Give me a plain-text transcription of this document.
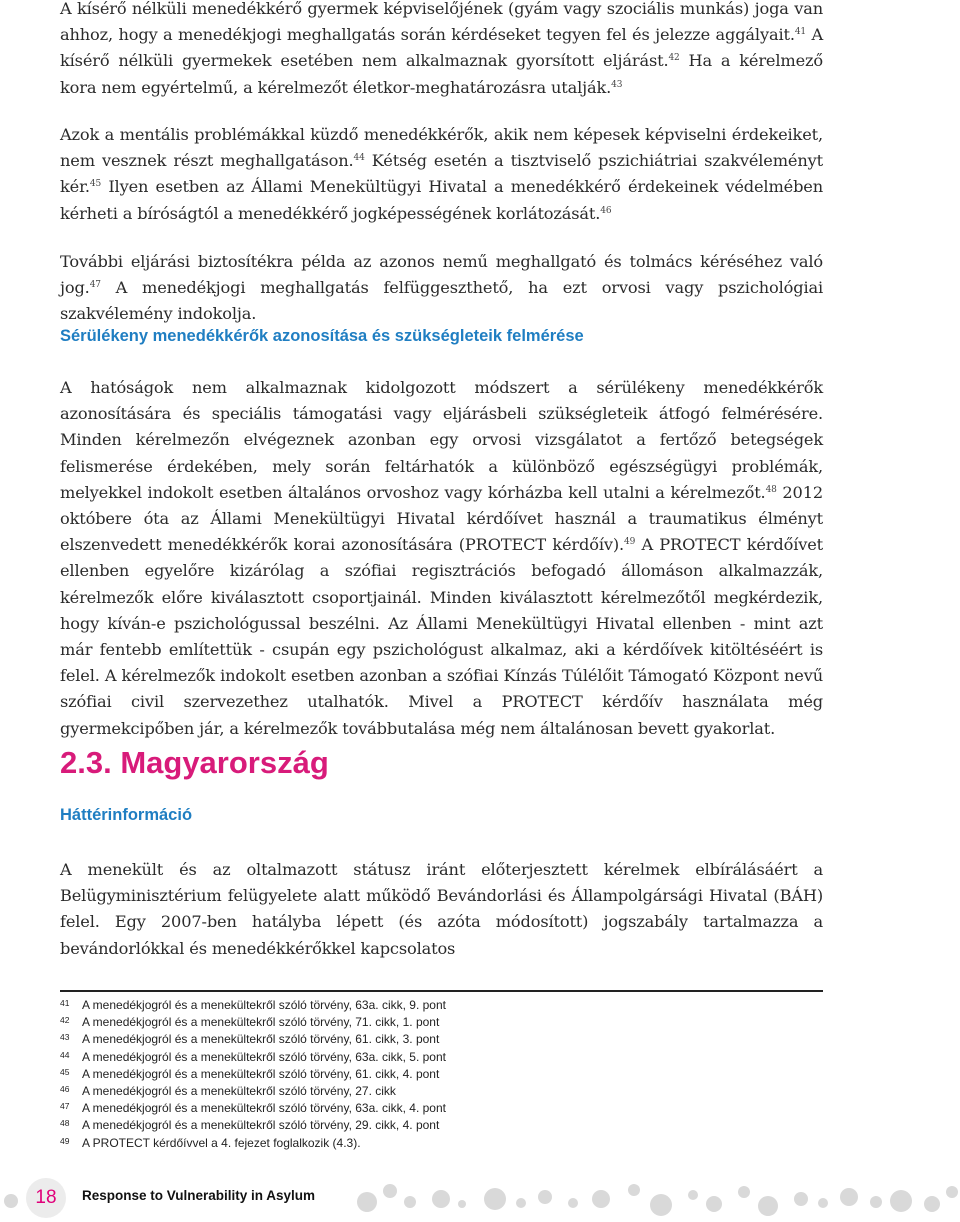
A kísérő nélküli menedékkérő gyermek képviselőjének (gyám vagy szociális munkás) joga van ahhoz, hogy a menedékjogi meghallgatás során kérdéseket tegyen fel és jelezze aggályait.$^{41}$ A kísérő nélküli gyermekek esetében nem alkalmaznak gyorsított eljárást.$^{42}$ Ha a kérelmező kora nem egyértelmű, a kérelmezőt életkor-meghatározásra utalják.$^{43}$

Azok a mentális problémákkal küzdő menedékkérők, akik nem képesek képviselni érdekeiket, nem vesznek részt meghallgatáson.$^{44}$ Kétség esetén a tisztviselő pszichiátriai szakvéleményt kér.$^{45}$ Ilyen esetben az Állami Menekültügyi Hivatal a menedékkérő érdekeinek védelmében kérheti a bíróságtól a menedékkérő jogképességének korlátozását.$^{46}$

További eljárási biztosítékra példa az azonos nemű meghallgató és tolmács kéréséhez való jog.$^{47}$ A menedékjogi meghallgatás felfüggeszthető, ha ezt orvosi vagy pszichológiai szakvélemény indokolja.

Sérülékeny menedékkérők azonosítása és szükségleteik felmérése

A hatóságok nem alkalmaznak kidolgozott módszert a sérülékeny menedékkérők azonosítására és speciális támogatási vagy eljárásbeli szükségleteik átfogó felmérésére. Minden kérelmezőn elvégeznek azonban egy orvosi vizsgálatot a fertőző betegségek felismerése érdekében, mely során feltárhatók a különböző egészségügyi problémák, melyekkel indokolt esetben általános orvoshoz vagy kórházba kell utalni a kérelmezőt.$^{48}$ 2012 októbere óta az Állami Menekültügyi Hivatal kérdőívet használ a traumatikus élményt elszenvedett menedékkérők korai azonosítására (PROTECT kérdőív).$^{49}$ A PROTECT kérdőívet ellenben egyelőre kizárólag a szófiai regisztrációs befogadó állomáson alkalmazzák, kérelmezők előre kiválasztott csoportjainál. Minden kiválasztott kérelmezőtől megkérdezik, hogy kíván-e pszichológussal beszélni. Az Állami Menekültügyi Hivatal ellenben - mint azt már fentebb említettük - csupán egy pszichológust alkalmaz, aki a kérdőívek kitöltéséért is felel. A kérelmezők indokolt esetben azonban a szófiai Kínzás Túlélőit Támogató Központ nevű szófiai civil szervezethez utalhatók. Mivel a PROTECT kérdőív használata még gyermekcipőben jár, a kérelmezők továbbutalása még nem általánosan bevett gyakorlat.

2.3. Magyarország
Háttérinformáció

A menekült és az oltalmazott státusz iránt előterjesztett kérelmek elbírálásáért a Belügyminisztérium felügyelete alatt működő Bevándorlási és Állampolgársági Hivatal (BÁH) felel. Egy 2007-ben hatályba lépett (és azóta módosított) jogszabály tartalmazza a bevándorlókkal és menedékkérőkkel kapcsolatos

41	A menedékjogról és a menekültekről szóló törvény, 63a. cikk, 9. pont
42	A menedékjogról és a menekültekről szóló törvény, 71. cikk, 1. pont
43	A menedékjogról és a menekültekről szóló törvény, 61. cikk, 3. pont
44	A menedékjogról és a menekültekről szóló törvény, 63a. cikk, 5. pont
45	A menedékjogról és a menekültekről szóló törvény, 61. cikk, 4. pont
46	A menedékjogról és a menekültekről szóló törvény, 27. cikk
47	A menedékjogról és a menekültekről szóló törvény, 63a. cikk, 4. pont
48	A menedékjogról és a menekültekről szóló törvény, 29. cikk, 4. pont
49	A PROTECT kérdőívvel a 4. fejezet foglalkozik (4.3).
18	Response to Vulnerability in Asylum
